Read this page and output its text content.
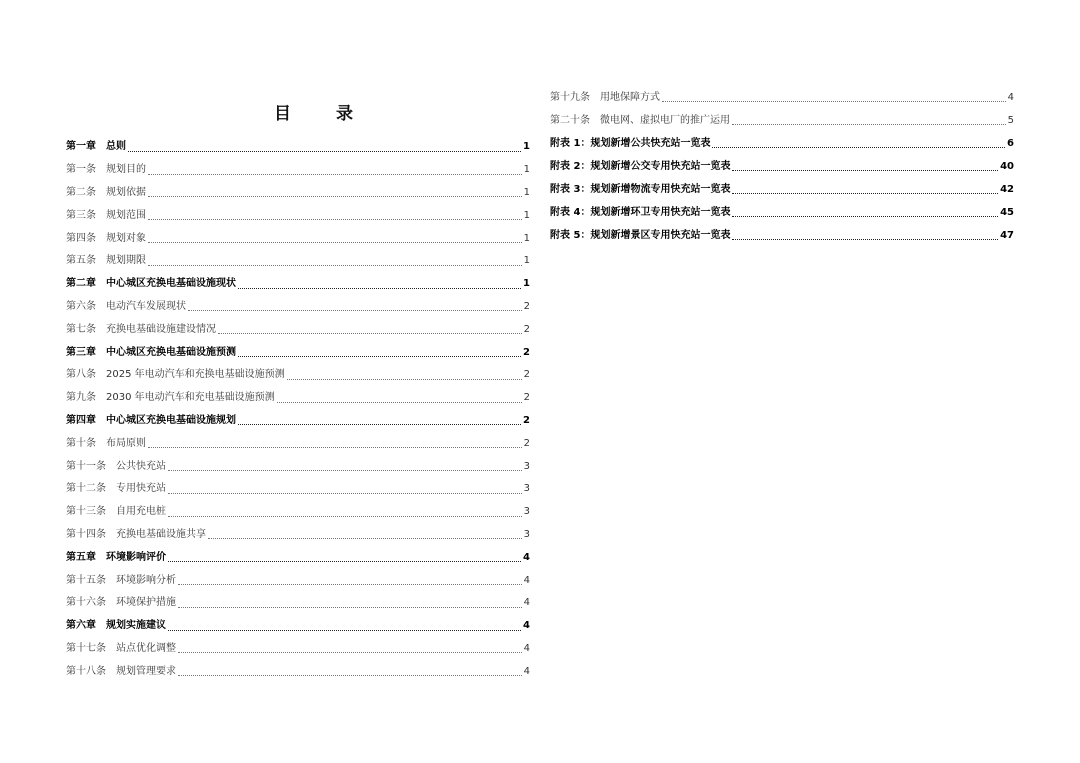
目　录
第一章　总则	1
第一条　规划目的	1
第二条　规划依据	1
第三条　规划范围	1
第四条　规划对象	1
第五条　规划期限	1
第二章　中心城区充换电基础设施现状	1
第六条　电动汽车发展现状	2
第七条　充换电基础设施建设情况	2
第三章　中心城区充换电基础设施预测	2
第八条　2025 年电动汽车和充换电基础设施预测	2
第九条　2030 年电动汽车和充电基础设施预测	2
第四章　中心城区充换电基础设施规划	2
第十条　布局原则	2
第十一条　公共快充站	3
第十二条　专用快充站	3
第十三条　自用充电桩	3
第十四条　充换电基础设施共享	3
第五章　环境影响评价	4
第十五条　环境影响分析	4
第十六条　环境保护措施	4
第六章　规划实施建议	4
第十七条　站点优化调整	4
第十八条　规划管理要求	4
第十九条　用地保障方式	4
第二十条　微电网、虚拟电厂的推广运用	5
附表 1：规划新增公共快充站一览表	6
附表 2：规划新增公交专用快充站一览表	40
附表 3：规划新增物流专用快充站一览表	42
附表 4：规划新增环卫专用快充站一览表	45
附表 5：规划新增景区专用快充站一览表	47
